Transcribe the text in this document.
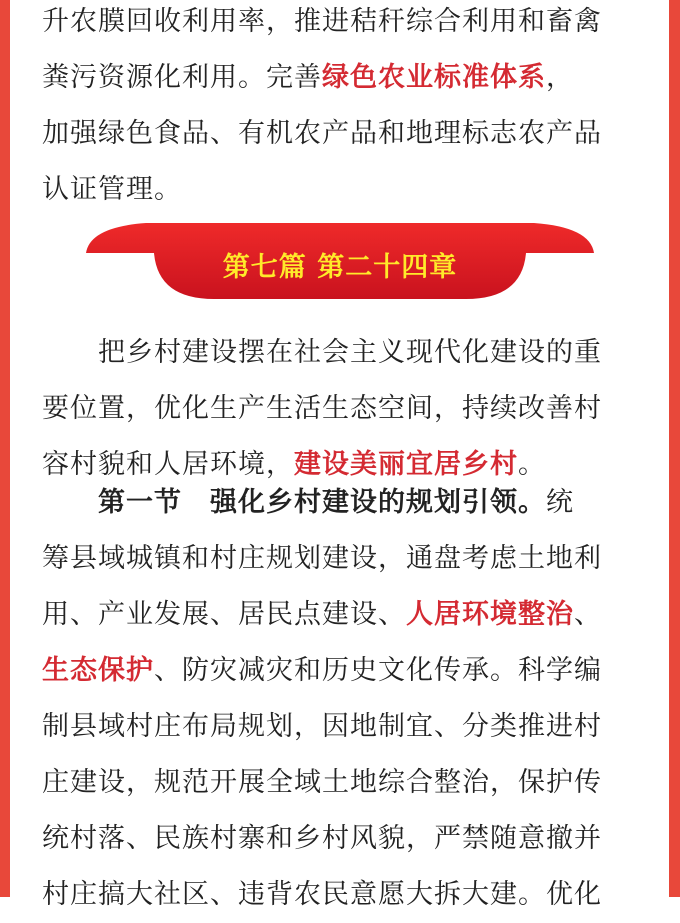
升农膜回收利用率，推进秸秆综合利用和畜禽
粪污资源化利用。完善绿色农业标准体系，
加强绿色食品、有机农产品和地理标志农产品
认证管理。
把乡村建设摆在社会主义现代化建设的重
要位置，优化生产生活生态空间，持续改善村
容村貌和人居环境，建设美丽宜居乡村。
第一节　强化乡村建设的规划引领。统
筹县域城镇和村庄规划建设，通盘考虑土地利
用、产业发展、居民点建设、人居环境整治、
生态保护、防灾减灾和历史文化传承。科学编
制县域村庄布局规划，因地制宜、分类推进村
庄建设，规范开展全域土地综合整治，保护传
统村落、民族村寨和乡村风貌，严禁随意撤并
村庄搞大社区、违背农民意愿大拆大建。优化
第七篇 第二十四章
